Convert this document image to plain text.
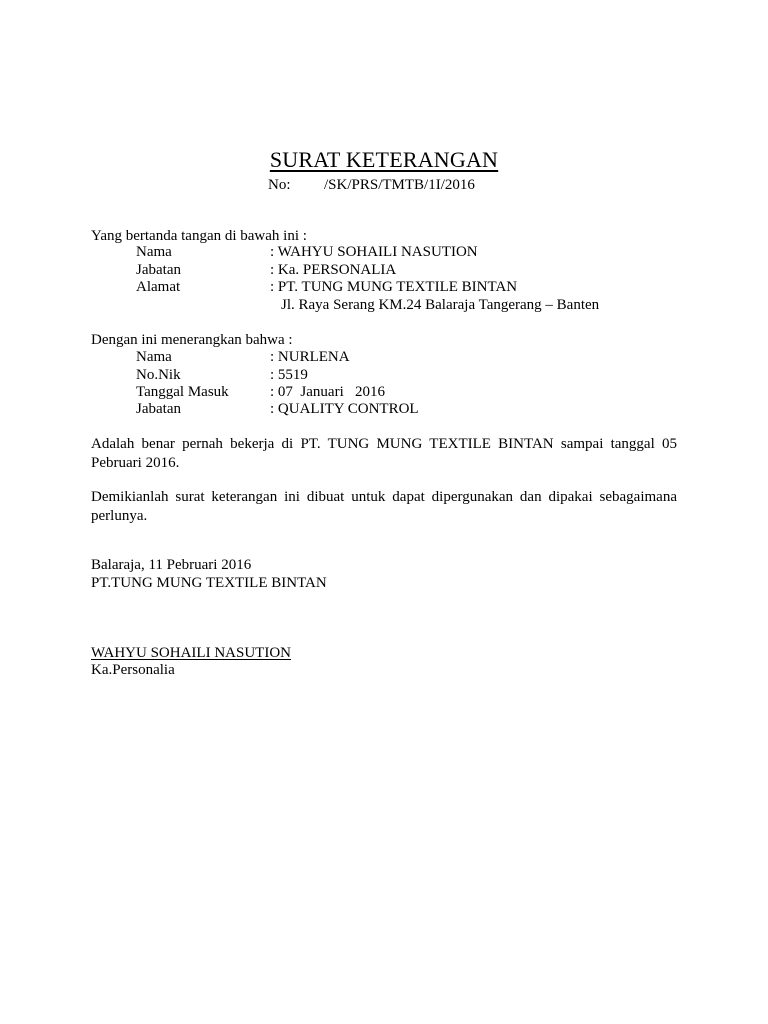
SURAT KETERANGAN
No: /SK/PRS/TMTB/1I/2016
Yang bertanda tangan di bawah ini :
Nama	: WAHYU SOHAILI NASUTION
Jabatan	: Ka. PERSONALIA
Alamat	: PT. TUNG MUNG TEXTILE BINTAN
Jl. Raya Serang KM.24 Balaraja Tangerang – Banten
Dengan ini menerangkan bahwa :
Nama	: NURLENA
No.Nik	: 5519
Tanggal Masuk	: 07  Januari   2016
Jabatan	: QUALITY CONTROL
Adalah benar pernah bekerja di PT. TUNG MUNG TEXTILE BINTAN sampai tanggal 05 Pebruari 2016.
Demikianlah surat keterangan ini dibuat untuk dapat dipergunakan dan dipakai sebagaimana perlunya.
Balaraja, 11 Pebruari 2016
PT.TUNG MUNG TEXTILE BINTAN
WAHYU SOHAILI NASUTION
Ka.Personalia
